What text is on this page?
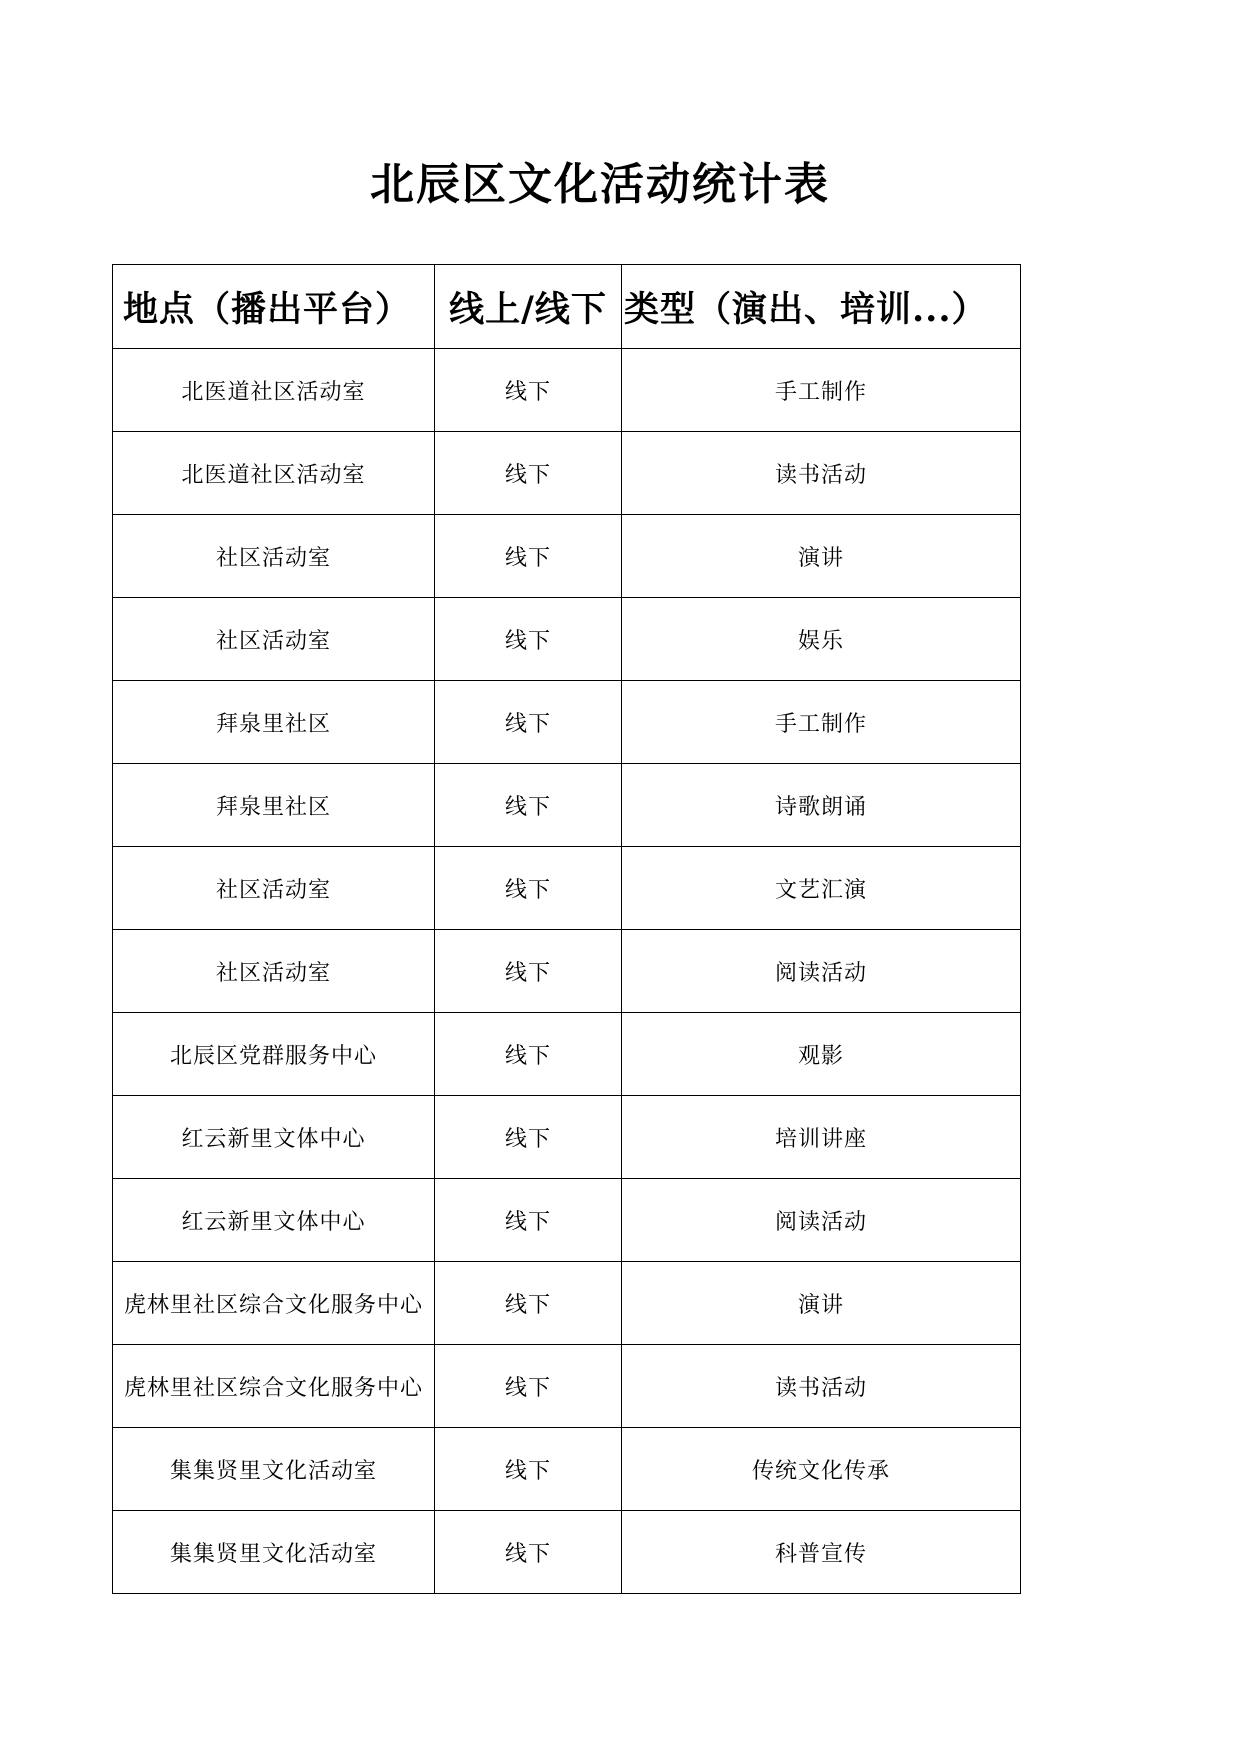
北辰区文化活动统计表
地点（播出平台）	线上/线下	类型（演出、培训...）
北医道社区活动室	线下	手工制作
北医道社区活动室	线下	读书活动
社区活动室	线下	演讲
社区活动室	线下	娱乐
拜泉里社区	线下	手工制作
拜泉里社区	线下	诗歌朗诵
社区活动室	线下	文艺汇演
社区活动室	线下	阅读活动
北辰区党群服务中心	线下	观影
红云新里文体中心	线下	培训讲座
红云新里文体中心	线下	阅读活动
虎林里社区综合文化服务中心	线下	演讲
虎林里社区综合文化服务中心	线下	读书活动
集集贤里文化活动室	线下	传统文化传承
集集贤里文化活动室	线下	科普宣传
